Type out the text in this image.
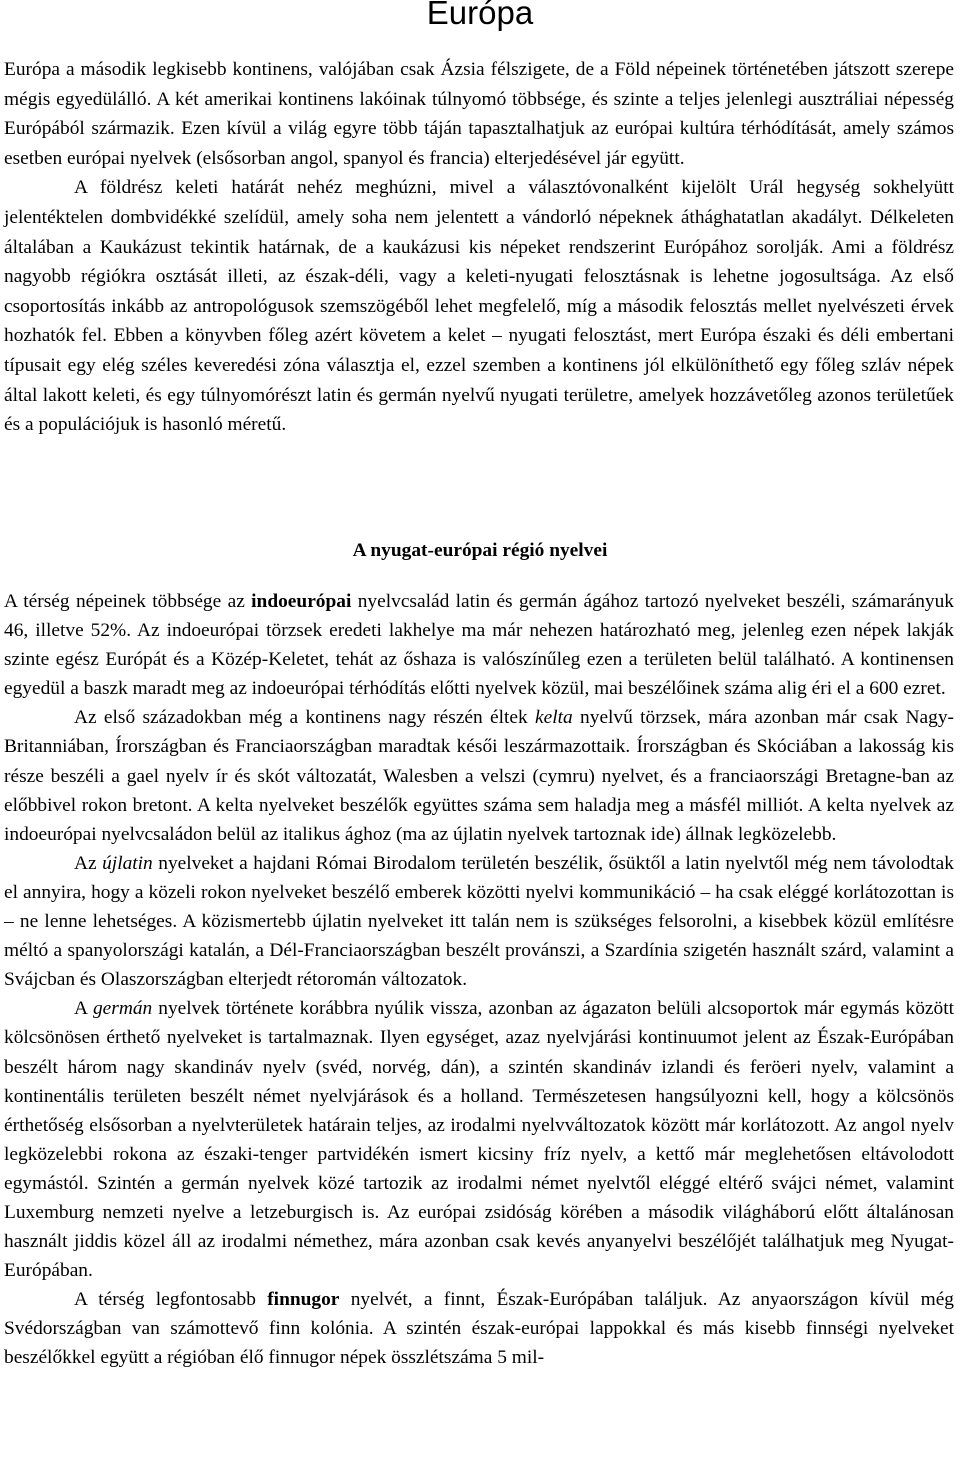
Európa

Európa a második legkisebb kontinens, valójában csak Ázsia félszigete, de a Föld népeinek történetében játszott szerepe mégis egyedülálló. A két amerikai kontinens lakóinak túlnyomó többsége, és szinte a teljes jelenlegi ausztráliai népesség Európából származik. Ezen kívül a világ egyre több táján tapasztalhatjuk az európai kultúra térhódítását, amely számos esetben európai nyelvek (elsősorban angol, spanyol és francia) elterjedésével jár együtt.

A földrész keleti határát nehéz meghúzni, mivel a választóvonalként kijelölt Urál hegység sokhelyütt jelentéktelen dombvidékké szelídül, amely soha nem jelentett a vándorló népeknek áthághatatlan akadályt. Délkeleten általában a Kaukázust tekintik határnak, de a kaukázusi kis népeket rendszerint Európához sorolják. Ami a földrész nagyobb régiókra osztását illeti, az észak-déli, vagy a keleti-nyugati felosztásnak is lehetne jogosultsága. Az első csoportosítás inkább az antropológusok szemszögéből lehet megfelelő, míg a második felosztás mellet nyelvészeti érvek hozhatók fel. Ebben a könyvben főleg azért követem a kelet – nyugati felosztást, mert Európa északi és déli embertani típusait egy elég széles keveredési zóna választja el, ezzel szemben a kontinens jól elkülöníthető egy főleg szláv népek által lakott keleti, és egy túlnyomórészt latin és germán nyelvű nyugati területre, amelyek hozzávetőleg azonos területűek és a populációjuk is hasonló méretű.

A nyugat-európai régió nyelvei

A térség népeinek többsége az indoeurópai nyelvcsalád latin és germán ágához tartozó nyelveket beszéli, számarányuk 46, illetve 52%. Az indoeurópai törzsek eredeti lakhelye ma már nehezen határozható meg, jelenleg ezen népek lakják szinte egész Európát és a Közép-Keletet, tehát az őshaza is valószínűleg ezen a területen belül található. A kontinensen egyedül a baszk maradt meg az indoeurópai térhódítás előtti nyelvek közül, mai beszélőinek száma alig éri el a 600 ezret.

Az első századokban még a kontinens nagy részén éltek kelta nyelvű törzsek, mára azonban már csak Nagy-Britanniában, Írországban és Franciaországban maradtak késői leszármazottaik. Írországban és Skóciában a lakosság kis része beszéli a gael nyelv ír és skót változatát, Walesben a velszi (cymru) nyelvet, és a franciaországi Bretagne-ban az előbbivel rokon bretont. A kelta nyelveket beszélők együttes száma sem haladja meg a másfél milliót. A kelta nyelvek az indoeurópai nyelvcsaládon belül az italikus ághoz (ma az újlatin nyelvek tartoznak ide) állnak legközelebb.

Az újlatin nyelveket a hajdani Római Birodalom területén beszélik, ősüktől a latin nyelvtől még nem távolodtak el annyira, hogy a közeli rokon nyelveket beszélő emberek közötti nyelvi kommunikáció – ha csak eléggé korlátozottan is – ne lenne lehetséges. A közismertebb újlatin nyelveket itt talán nem is szükséges felsorolni, a kisebbek közül említésre méltó a spanyolországi katalán, a Dél-Franciaországban beszélt provánszi, a Szardínia szigetén használt szárd, valamint a Svájcban és Olaszországban elterjedt rétoromán változatok.

A germán nyelvek története korábbra nyúlik vissza, azonban az ágazaton belüli alcsoportok már egymás között kölcsönösen érthető nyelveket is tartalmaznak. Ilyen egységet, azaz nyelvjárási kontinuumot jelent az Észak-Európában beszélt három nagy skandináv nyelv (svéd, norvég, dán), a szintén skandináv izlandi és feröeri nyelv, valamint a kontinentális területen beszélt német nyelvjárások és a holland. Természetesen hangsúlyozni kell, hogy a kölcsönös érthetőség elsősorban a nyelvterületek határain teljes, az irodalmi nyelvváltozatok között már korlátozott. Az angol nyelv legközelebbi rokona az északi-tenger partvidékén ismert kicsiny fríz nyelv, a kettő már meglehetősen eltávolodott egymástól. Szintén a germán nyelvek közé tartozik az irodalmi német nyelvtől eléggé eltérő svájci német, valamint Luxemburg nemzeti nyelve a letzeburgisch is. Az európai zsidóság körében a második világháború előtt általánosan használt jiddis közel áll az irodalmi némethez, mára azonban csak kevés anyanyelvi beszélőjét találhatjuk meg Nyugat-Európában.

A térség legfontosabb finnugor nyelvét, a finnt, Észak-Európában találjuk. Az anyaországon kívül még Svédországban van számottevő finn kolónia. A szintén észak-európai lappokkal és más kisebb finnségi nyelveket beszélőkkel együtt a régióban élő finnugor népek összlétszáma 5 mil-
